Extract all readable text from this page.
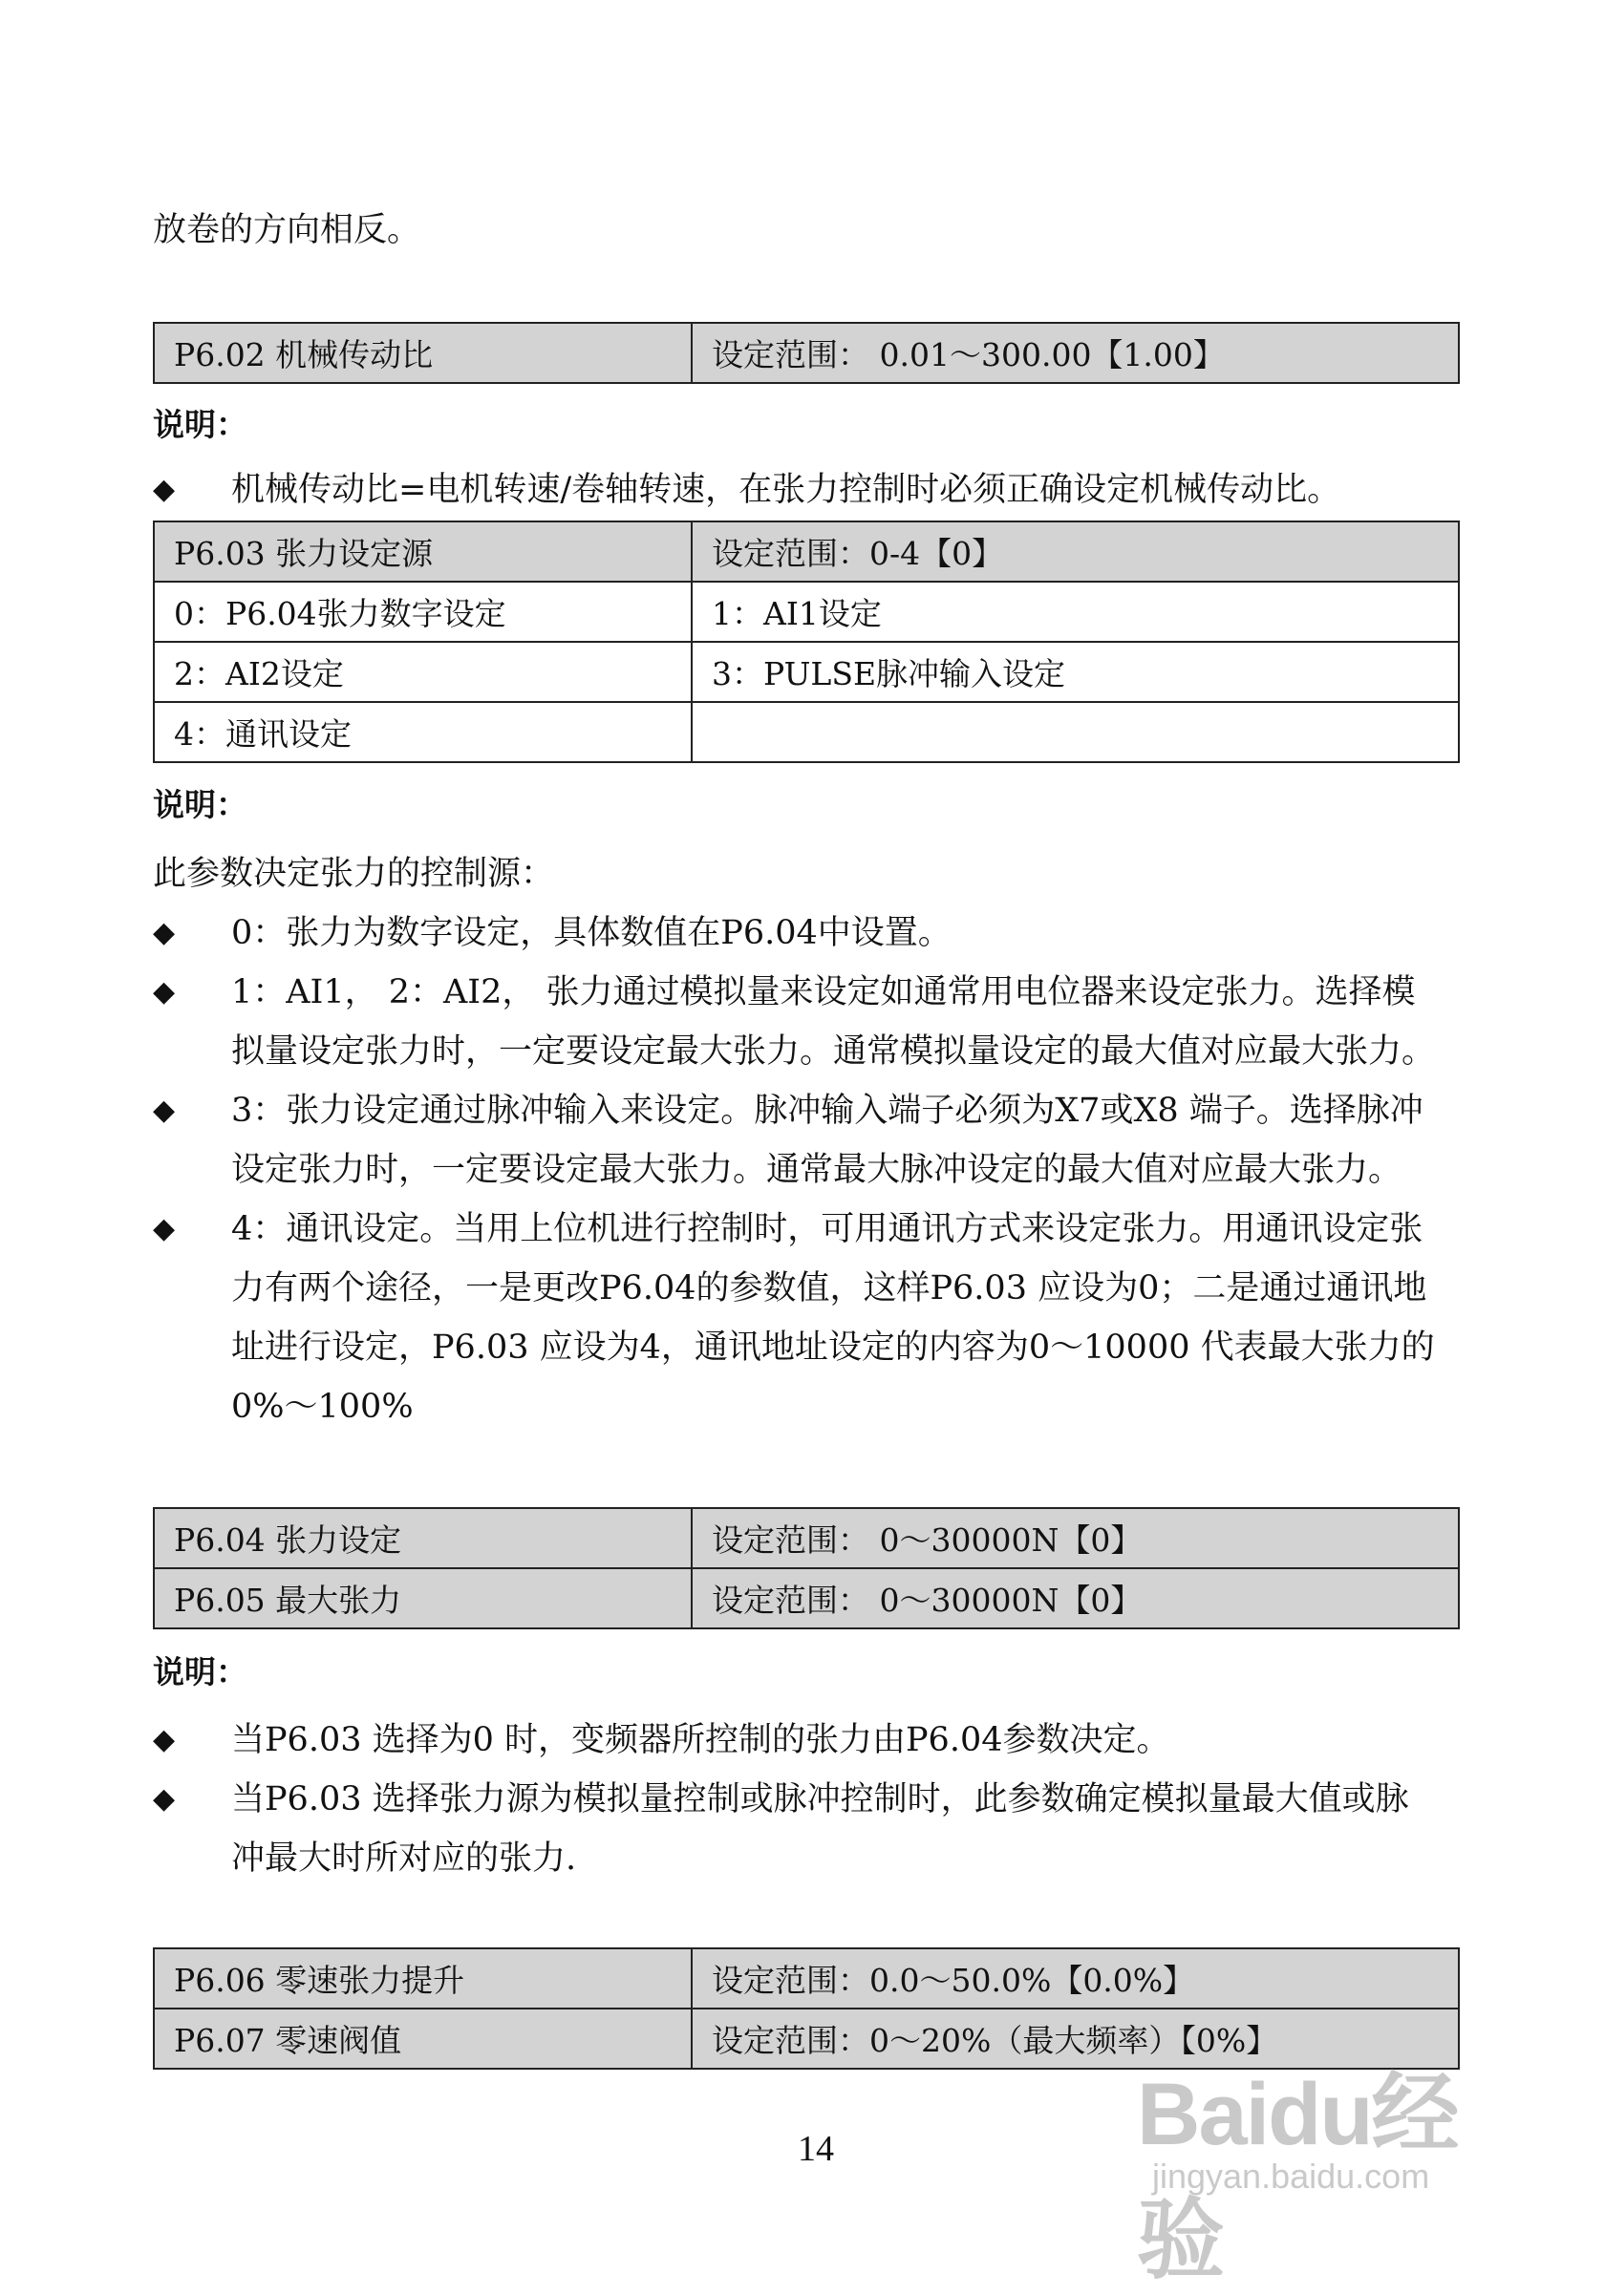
放卷的方向相反。
P6.02 机械传动比	设定范围： 0.01～300.00【1.00】
说明：
◆ 机械传动比=电机转速/卷轴转速，在张力控制时必须正确设定机械传动比。
P6.03 张力设定源	设定范围：0-4【0】
0：P6.04张力数字设定	1：AI1设定
2：AI2设定	3：PULSE脉冲输入设定
4：通讯设定	
说明：
此参数决定张力的控制源：
◆ 0：张力为数字设定，具体数值在P6.04中设置。
◆ 1：AI1， 2：AI2， 张力通过模拟量来设定如通常用电位器来设定张力。选择模
拟量设定张力时，一定要设定最大张力。通常模拟量设定的最大值对应最大张力。
◆ 3：张力设定通过脉冲输入来设定。脉冲输入端子必须为X7或X8 端子。选择脉冲
设定张力时，一定要设定最大张力。通常最大脉冲设定的最大值对应最大张力。
◆ 4：通讯设定。当用上位机进行控制时，可用通讯方式来设定张力。用通讯设定张
力有两个途径，一是更改P6.04的参数值，这样P6.03 应设为0；二是通过通讯地
址进行设定，P6.03 应设为4，通讯地址设定的内容为0～10000 代表最大张力的
0%～100%
P6.04 张力设定	设定范围： 0～30000N【0】
P6.05 最大张力	设定范围： 0～30000N【0】
说明：
◆ 当P6.03 选择为0 时，变频器所控制的张力由P6.04参数决定。
◆ 当P6.03 选择张力源为模拟量控制或脉冲控制时，此参数确定模拟量最大值或脉
冲最大时所对应的张力.
P6.06 零速张力提升	设定范围：0.0～50.0%【0.0%】
P6.07 零速阀值	设定范围：0～20%（最大频率）【0%】
14	Baidu经验
jingyan.baidu.com
